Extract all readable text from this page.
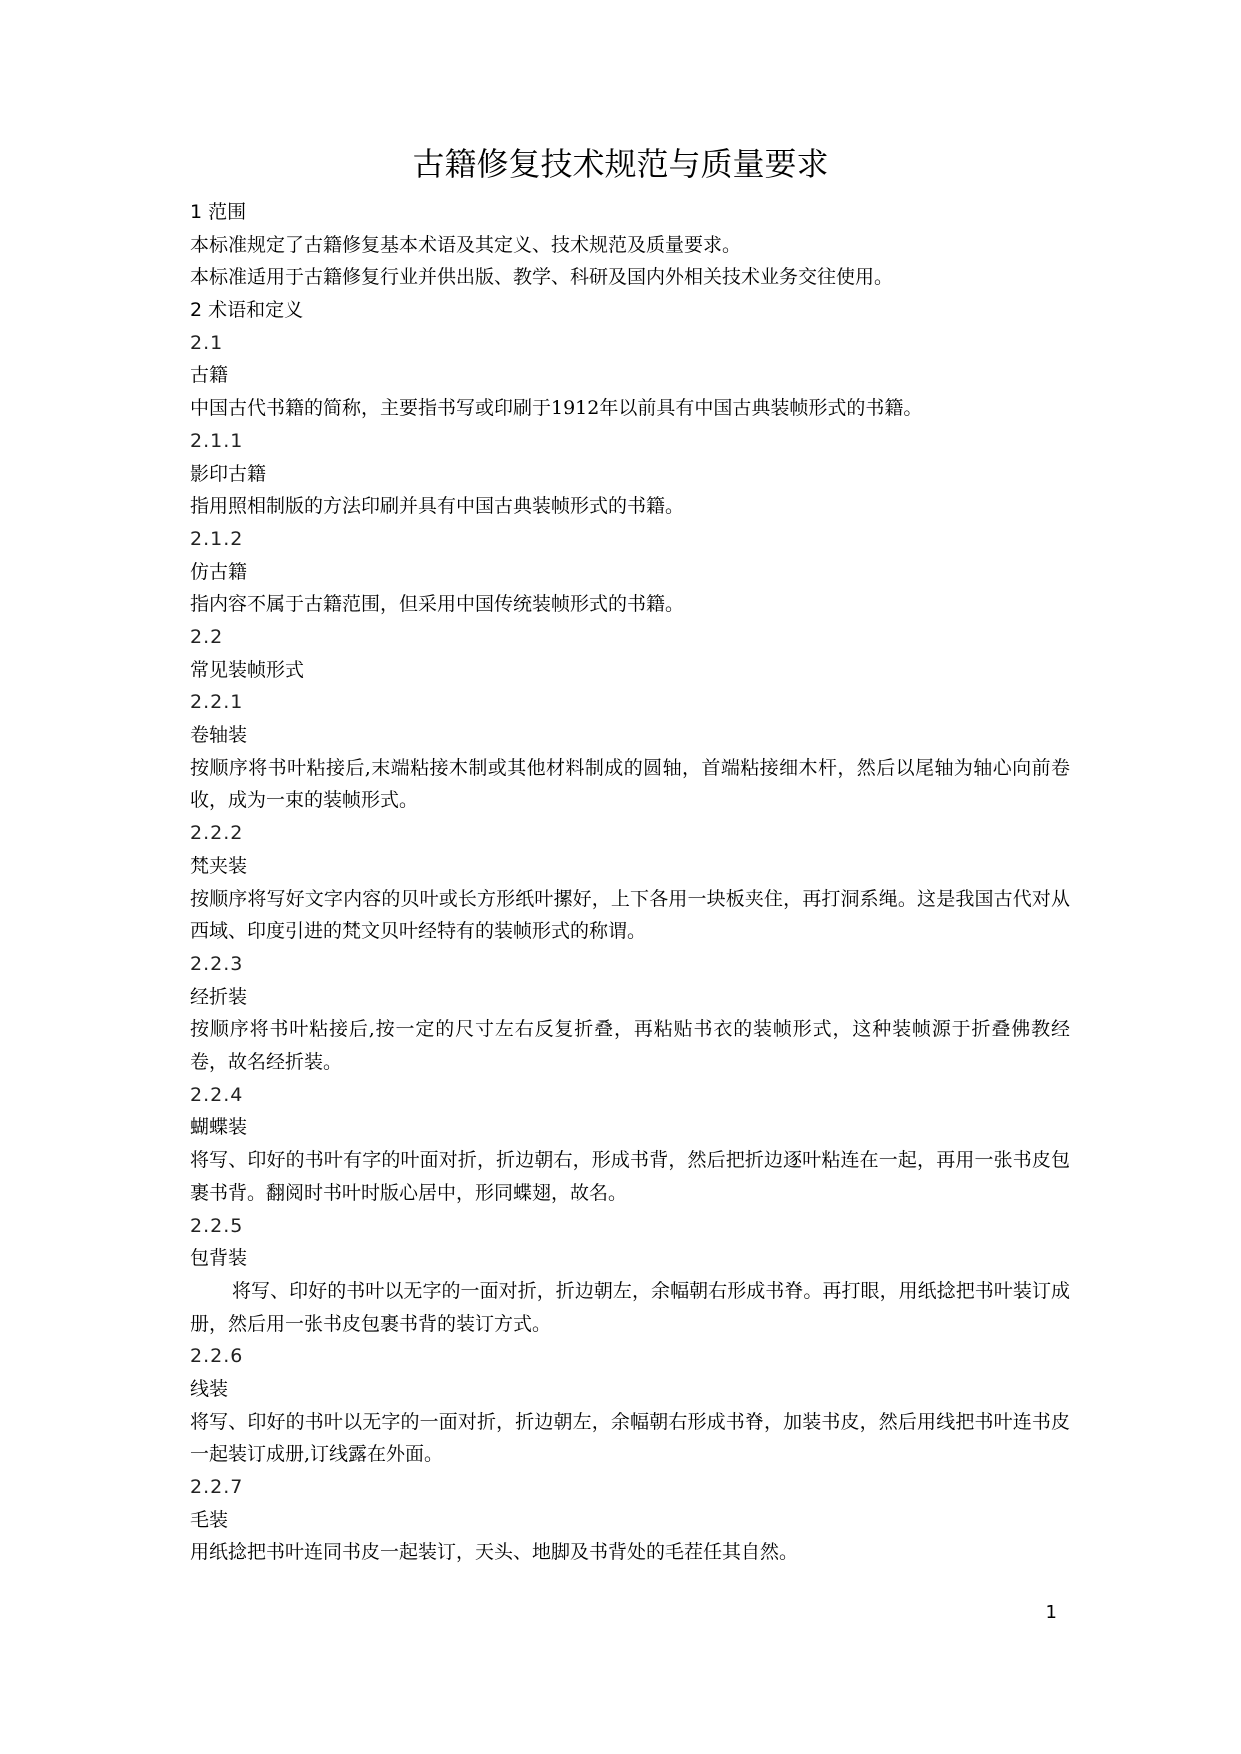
古籍修复技术规范与质量要求
1 范围
本标准规定了古籍修复基本术语及其定义、技术规范及质量要求。
本标准适用于古籍修复行业并供出版、教学、科研及国内外相关技术业务交往使用。
2 术语和定义
2.1
古籍
中国古代书籍的简称，主要指书写或印刷于1912年以前具有中国古典装帧形式的书籍。
2.1.1
影印古籍
指用照相制版的方法印刷并具有中国古典装帧形式的书籍。
2.1.2
仿古籍
指内容不属于古籍范围，但采用中国传统装帧形式的书籍。
2.2
常见装帧形式
2.2.1
卷轴装
按顺序将书叶粘接后,末端粘接木制或其他材料制成的圆轴，首端粘接细木杆，然后以尾轴为轴心向前卷收，成为一束的装帧形式。
2.2.2
梵夹装
按顺序将写好文字内容的贝叶或长方形纸叶摞好，上下各用一块板夹住，再打洞系绳。这是我国古代对从西域、印度引进的梵文贝叶经特有的装帧形式的称谓。
2.2.3
经折装
按顺序将书叶粘接后,按一定的尺寸左右反复折叠，再粘贴书衣的装帧形式，这种装帧源于折叠佛教经卷，故名经折装。
2.2.4
蝴蝶装
将写、印好的书叶有字的叶面对折，折边朝右，形成书背，然后把折边逐叶粘连在一起，再用一张书皮包裹书背。翻阅时书叶时版心居中，形同蝶翅，故名。
2.2.5
包背装
将写、印好的书叶以无字的一面对折，折边朝左，余幅朝右形成书脊。再打眼，用纸捻把书叶装订成册，然后用一张书皮包裹书背的装订方式。
2.2.6
线装
将写、印好的书叶以无字的一面对折，折边朝左，余幅朝右形成书脊，加装书皮，然后用线把书叶连书皮一起装订成册,订线露在外面。
2.2.7
毛装
用纸捻把书叶连同书皮一起装订，天头、地脚及书背处的毛茬任其自然。
1
